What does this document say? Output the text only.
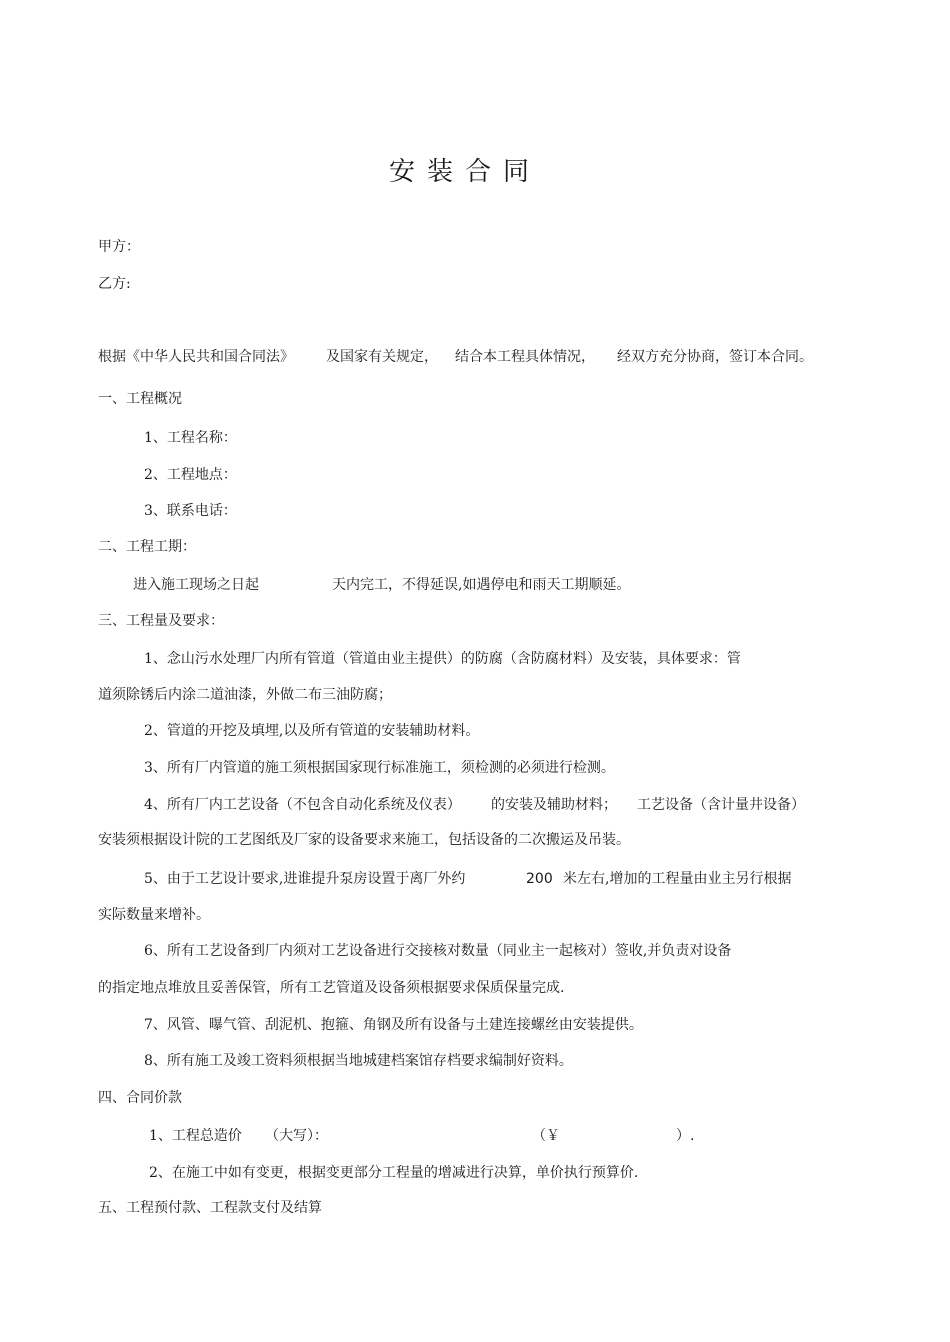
安装合同
甲方：
乙方:
根据《中华人民共和国合同法》 及国家有关规定， 结合本工程具体情况， 经双方充分协商，签订本合同。
一、工程概况
1、工程名称：
2、工程地点：
3、联系电话：
二、工程工期：
进入施工现场之日起	天内完工，不得延误,如遇停电和雨天工期顺延。
三、工程量及要求：
1、念山污水处理厂内所有管道（管道由业主提供）的防腐（含防腐材料）及安装，具体要求：管
道须除锈后内涂二道油漆，外做二布三油防腐；
2、管道的开挖及填埋,以及所有管道的安装辅助材料。
3、所有厂内管道的施工须根据国家现行标准施工，须检测的必须进行检测。
4、所有厂内工艺设备（不包含自动化系统及仪表） 的安装及辅助材料； 工艺设备（含计量井设备）
安装须根据设计院的工艺图纸及厂家的设备要求来施工，包括设备的二次搬运及吊装。
5、由于工艺设计要求,进谁提升泵房设置于离厂外约	200 米左右,增加的工程量由业主另行根据
实际数量来增补。
6、所有工艺设备到厂内须对工艺设备进行交接核对数量（同业主一起核对）签收,并负责对设备
的指定地点堆放且妥善保管，所有工艺管道及设备须根据要求保质保量完成.
7、风管、曝气管、刮泥机、抱箍、角钢及所有设备与土建连接螺丝由安装提供。
8、所有施工及竣工资料须根据当地城建档案馆存档要求编制好资料。
四、合同价款
1、工程总造价 （大写）：	（￥	）.
2、在施工中如有变更，根据变更部分工程量的增减进行决算，单价执行预算价.
五、工程预付款、工程款支付及结算
